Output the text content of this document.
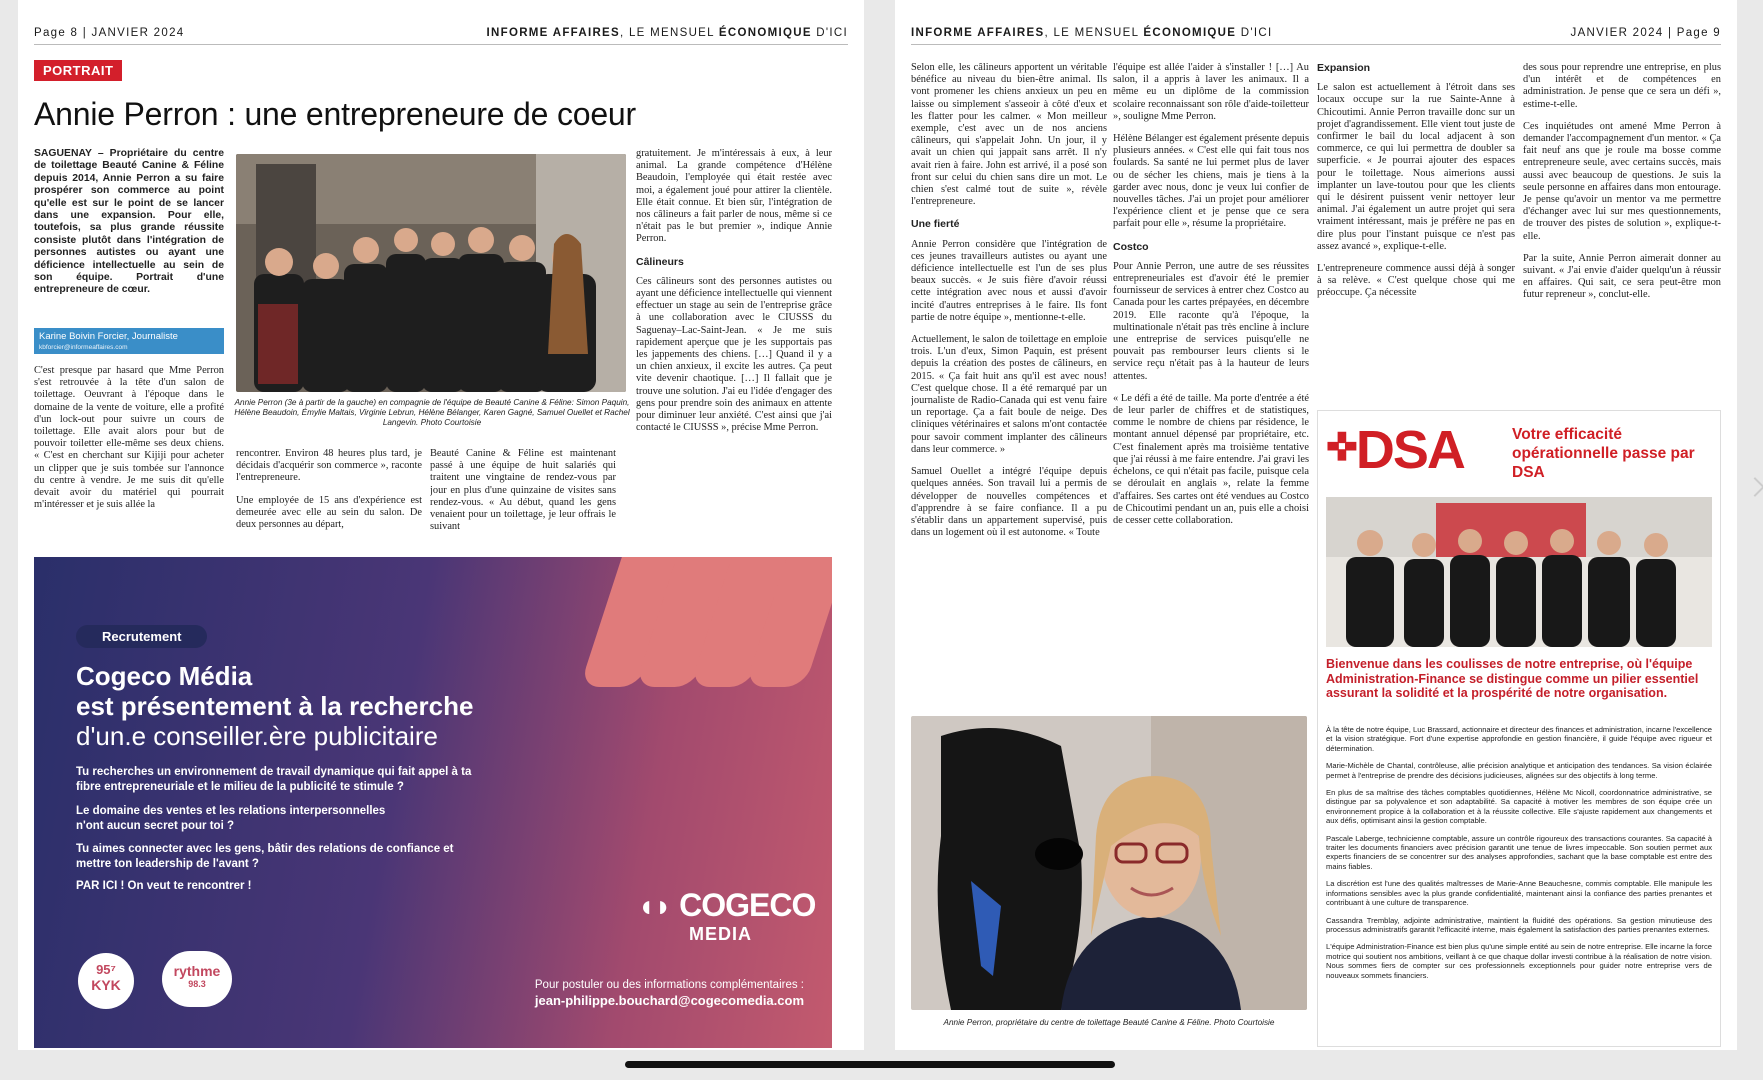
Page 8 | JANVIER 2024	INFORME AFFAIRES, LE MENSUEL ÉCONOMIQUE D'ICI
PORTRAIT
Annie Perron : une entrepreneure de coeur

SAGUENAY – Propriétaire du centre de toilettage Beauté Canine & Féline depuis 2014, Annie Perron a su faire prospérer son commerce au point qu'elle est sur le point de se lancer dans une expansion. Pour elle, toutefois, sa plus grande réussite consiste plutôt dans l'intégration de personnes autistes ou ayant une déficience intellectuelle au sein de son équipe. Portrait d'une entrepreneure de cœur.

Karine Boivin Forcier, Journaliste
kbforcier@informeaffaires.com

C'est presque par hasard que Mme Perron s'est retrouvée à la tête d'un salon de toilettage. Oeuvrant à l'époque dans le domaine de la vente de voiture, elle a profité d'un lock-out pour suivre un cours de toilettage. Elle avait alors pour but de pouvoir toiletter elle-même ses deux chiens. « C'est en cherchant sur Kijiji pour acheter un clipper que je suis tombée sur l'annonce du centre à vendre. Je me suis dit qu'elle devait avoir du matériel qui pourrait m'intéresser et je suis allée la

Annie Perron (3e à partir de la gauche) en compagnie de l'équipe de Beauté Canine & Féline: Simon Paquin, Hélène Beaudoin, Émylie Maltais, Virginie Lebrun, Hélène Bélanger, Karen Gagné, Samuel Ouellet et Rachel Langevin. Photo Courtoisie

rencontrer. Environ 48 heures plus tard, je décidais d'acquérir son commerce », raconte l'entrepreneure.

Une employée de 15 ans d'expérience est demeurée avec elle au sein du salon. De deux personnes au départ,

Beauté Canine & Féline est maintenant passé à une équipe de huit salariés qui traitent une vingtaine de rendez-vous par jour en plus d'une quinzaine de visites sans rendez-vous. « Au début, quand les gens venaient pour un toilettage, je leur offrais le suivant

gratuitement. Je m'intéressais à eux, à leur animal. La grande compétence d'Hélène Beaudoin, l'employée qui était restée avec moi, a également joué pour attirer la clientèle. Elle était connue. Et bien sûr, l'intégration de nos câlineurs a fait parler de nous, même si ce n'était pas le but premier », indique Annie Perron.

Câlineurs

Ces câlineurs sont des personnes autistes ou ayant une déficience intellectuelle qui viennent effectuer un stage au sein de l'entreprise grâce à une collaboration avec le CIUSSS du Saguenay–Lac-Saint-Jean. « Je me suis rapidement aperçue que je les supportais pas les jappements des chiens. […] Quand il y a un chien anxieux, il excite les autres. Ça peut vite devenir chaotique. […] Il fallait que je trouve une solution. J'ai eu l'idée d'engager des gens pour prendre soin des animaux en attente pour diminuer leur anxiété. C'est ainsi que j'ai contacté le CIUSSS », précise Mme Perron.

Recrutement
Cogeco Média
est présentement à la recherche
d'un.e conseiller.ère publicitaire
Tu recherches un environnement de travail dynamique qui fait appel à ta fibre entrepreneuriale et le milieu de la publicité te stimule ?
Le domaine des ventes et les relations interpersonnelles n'ont aucun secret pour toi ?
Tu aimes connecter avec les gens, bâtir des relations de confiance et mettre ton leadership de l'avant ?
PAR ICI ! On veut te rencontrer !
◖◗ COGECO
MEDIA
95⁷
KYK
rythme
98.3	Pour postuler ou des informations complémentaires :
jean-philippe.bouchard@cogecomedia.com
INFORME AFFAIRES, LE MENSUEL ÉCONOMIQUE D'ICI	JANVIER 2024 | Page 9

Selon elle, les câlineurs apportent un véritable bénéfice au niveau du bien-être animal. Ils vont promener les chiens anxieux un peu en laisse ou simplement s'asseoir à côté d'eux et les flatter pour les calmer. « Mon meilleur exemple, c'est avec un de nos anciens câlineurs, qui s'appelait John. Un jour, il y avait un chien qui jappait sans arrêt. Il n'y avait rien à faire. John est arrivé, il a posé son front sur celui du chien sans dire un mot. Le chien s'est calmé tout de suite », révèle l'entrepreneure.

Une fierté

Annie Perron considère que l'intégration de ces jeunes travailleurs autistes ou ayant une déficience intellectuelle est l'un de ses plus beaux succès. « Je suis fière d'avoir réussi cette intégration avec nous et aussi d'avoir incité d'autres entreprises à le faire. Ils font partie de notre équipe », mentionne-t-elle.

Actuellement, le salon de toilettage en emploie trois. L'un d'eux, Simon Paquin, est présent depuis la création des postes de câlineurs, en 2015. « Ça fait huit ans qu'il est avec nous! C'est quelque chose. Il a été remarqué par un journaliste de Radio-Canada qui est venu faire un reportage. Ça a fait boule de neige. Des cliniques vétérinaires et salons m'ont contactée pour savoir comment implanter des câlineurs dans leur commerce. »

Samuel Ouellet a intégré l'équipe depuis quelques années. Son travail lui a permis de développer de nouvelles compétences et d'apprendre à se faire confiance. Il a pu s'établir dans un appartement supervisé, puis dans un logement où il est autonome. « Toute

l'équipe est allée l'aider à s'installer ! […] Au salon, il a appris à laver les animaux. Il a même eu un diplôme de la commission scolaire reconnaissant son rôle d'aide-toiletteur », souligne Mme Perron.

Hélène Bélanger est également présente depuis plusieurs années. « C'est elle qui fait tous nos foulards. Sa santé ne lui permet plus de laver ou de sécher les chiens, mais je tiens à la garder avec nous, donc je veux lui confier de nouvelles tâches. J'ai un projet pour améliorer l'expérience client et je pense que ce sera parfait pour elle », résume la propriétaire.

Costco

Pour Annie Perron, une autre de ses réussites entrepreneuriales est d'avoir été le premier fournisseur de services à entrer chez Costco au Canada pour les cartes prépayées, en décembre 2019. Elle raconte qu'à l'époque, la multinationale n'était pas très encline à inclure une entreprise de services puisqu'elle ne pouvait pas rembourser leurs clients si le service reçu n'était pas à la hauteur de leurs attentes.

« Le défi a été de taille. Ma porte d'entrée a été de leur parler de chiffres et de statistiques, comme le nombre de chiens par résidence, le montant annuel dépensé par propriétaire, etc. C'est finalement après ma troisième tentative que j'ai réussi à me faire entendre. J'ai gravi les échelons, ce qui n'était pas facile, puisque cela se déroulait en anglais », relate la femme d'affaires. Ses cartes ont été vendues au Costco de Chicoutimi pendant un an, puis elle a choisi de cesser cette collaboration.

Expansion

Le salon est actuellement à l'étroit dans ses locaux occupe sur la rue Sainte-Anne à Chicoutimi. Annie Perron travaille donc sur un projet d'agrandissement. Elle vient tout juste de confirmer le bail du local adjacent à son commerce, ce qui lui permettra de doubler sa superficie. « Je pourrai ajouter des espaces pour le toilettage. Nous aimerions aussi implanter un lave-toutou pour que les clients qui le désirent puissent venir nettoyer leur animal. J'ai également un autre projet qui sera vraiment intéressant, mais je préfère ne pas en dire plus pour l'instant puisque ce n'est pas assez avancé », explique-t-elle.

L'entrepreneure commence aussi déjà à songer à sa relève. « C'est quelque chose qui me préoccupe. Ça nécessite

des sous pour reprendre une entreprise, en plus d'un intérêt et de compétences en administration. Je pense que ce sera un défi », estime-t-elle.

Ces inquiétudes ont amené Mme Perron à demander l'accompagnement d'un mentor. « Ça fait neuf ans que je roule ma bosse comme entrepreneure seule, avec certains succès, mais aussi avec beaucoup de questions. Je suis la seule personne en affaires dans mon entourage. Je pense qu'avoir un mentor va me permettre d'échanger avec lui sur mes questionnements, de trouver des pistes de solution », explique-t-elle.

Par la suite, Annie Perron aimerait donner au suivant. « J'ai envie d'aider quelqu'un à réussir en affaires. Qui sait, ce sera peut-être mon futur repreneur », conclut-elle.

Annie Perron, propriétaire du centre de toilettage Beauté Canine & Féline. Photo Courtoisie
✜DSA	Votre efficacité opérationnelle passe par DSA
Bienvenue dans les coulisses de notre entreprise, où l'équipe Administration-Finance se distingue comme un pilier essentiel assurant la solidité et la prospérité de notre organisation.

À la tête de notre équipe, Luc Brassard, actionnaire et directeur des finances et administration, incarne l'excellence et la vision stratégique. Fort d'une expertise approfondie en gestion financière, il guide l'équipe avec rigueur et détermination.

Marie-Michèle de Chantal, contrôleuse, allie précision analytique et anticipation des tendances. Sa vision éclairée permet à l'entreprise de prendre des décisions judicieuses, alignées sur des objectifs à long terme.

En plus de sa maîtrise des tâches comptables quotidiennes, Hélène Mc Nicoll, coordonnatrice administrative, se distingue par sa polyvalence et son adaptabilité. Sa capacité à motiver les membres de son équipe crée un environnement propice à la collaboration et à la réussite collective. Elle s'ajuste rapidement aux changements et aux défis, optimisant ainsi la gestion comptable.

Pascale Laberge, technicienne comptable, assure un contrôle rigoureux des transactions courantes. Sa capacité à traiter les documents financiers avec précision garantit une tenue de livres impeccable. Son soutien permet aux experts financiers de se concentrer sur des analyses approfondies, sachant que la base comptable est entre des mains fiables.

La discrétion est l'une des qualités maîtresses de Marie-Anne Beauchesne, commis comptable. Elle manipule les informations sensibles avec la plus grande confidentialité, maintenant ainsi la confiance des parties prenantes et contribuant à une culture de transparence.

Cassandra Tremblay, adjointe administrative, maintient la fluidité des opérations. Sa gestion minutieuse des processus administratifs garantit l'efficacité interne, mais également la satisfaction des parties prenantes externes.

L'équipe Administration-Finance est bien plus qu'une simple entité au sein de notre entreprise. Elle incarne la force motrice qui soutient nos ambitions, veillant à ce que chaque dollar investi contribue à la réalisation de notre vision. Nous sommes fiers de compter sur ces professionnels exceptionnels pour guider notre entreprise vers de nouveaux sommets financiers.
